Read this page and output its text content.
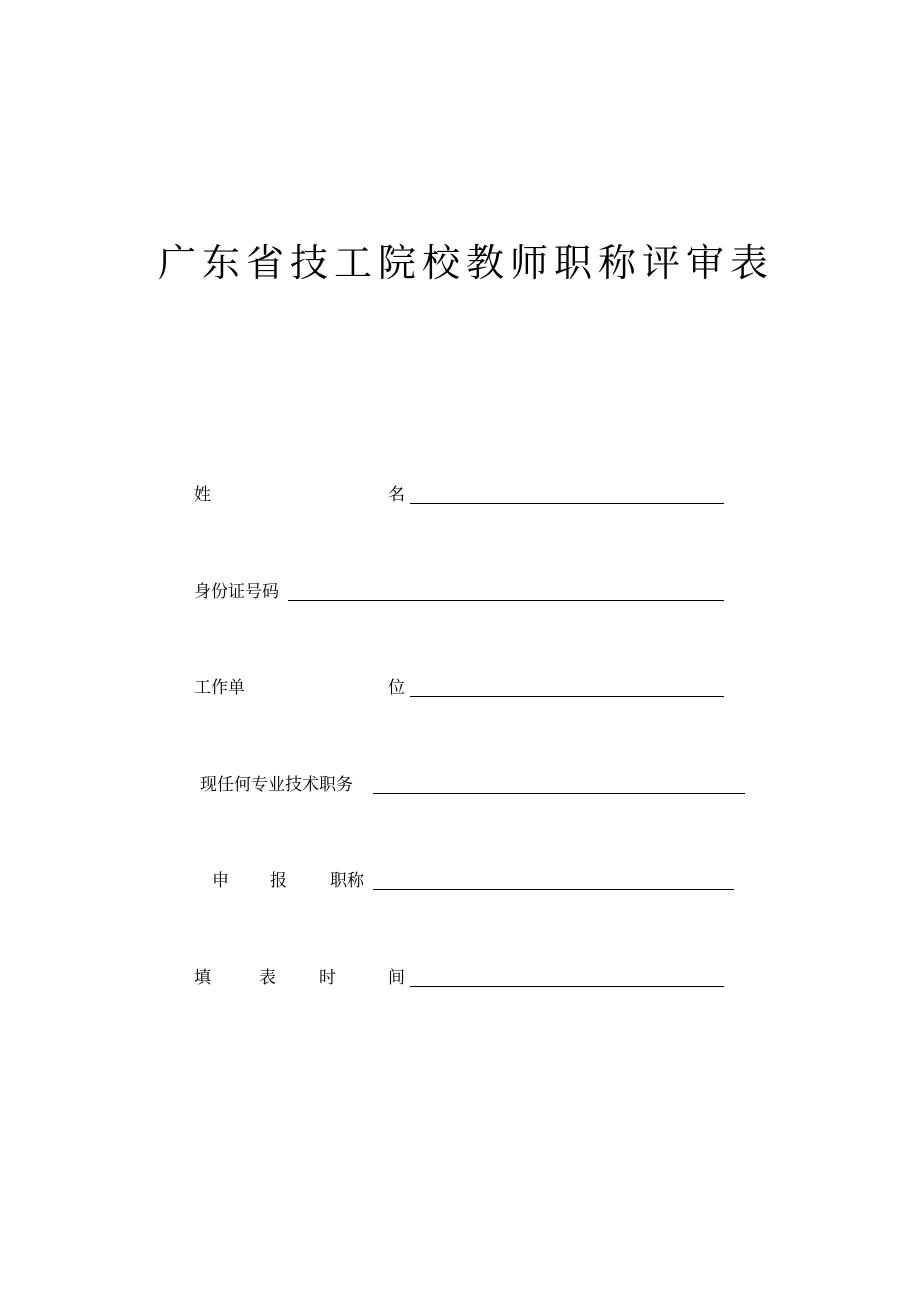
广东省技工院校教师职称评审表
姓	名
身份证号码
工作单	位
现任何专业技术职务
申 报	职称
填	表	时	间
